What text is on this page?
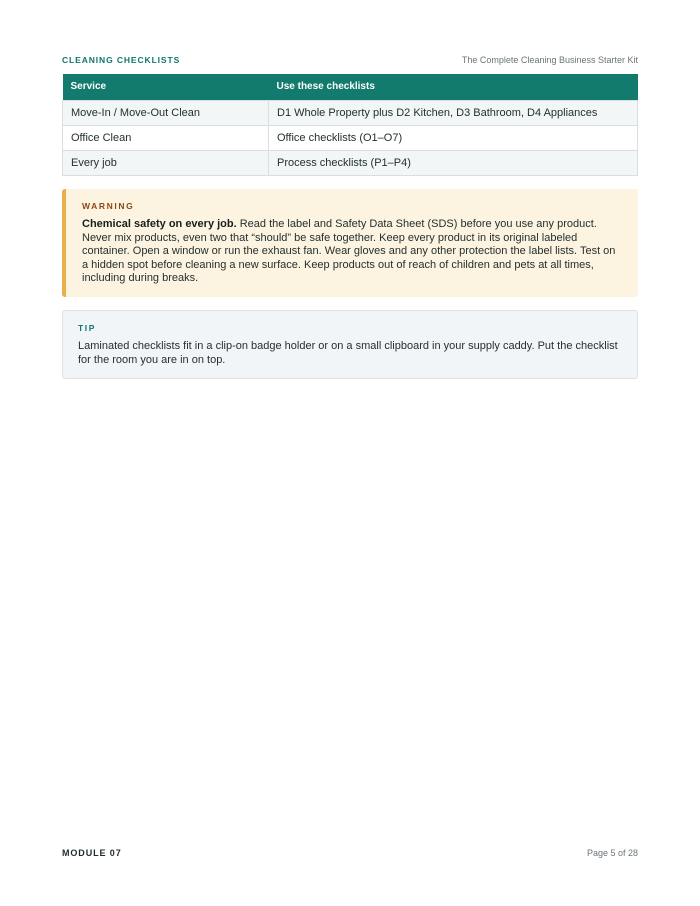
CLEANING CHECKLISTS	The Complete Cleaning Business Starter Kit
Service	Use these checklists
Move-In / Move-Out Clean	D1 Whole Property plus D2 Kitchen, D3 Bathroom, D4 Appliances
Office Clean	Office checklists (O1–O7)
Every job	Process checklists (P1–P4)
WARNING

Chemical safety on every job. Read the label and Safety Data Sheet (SDS) before you use any product. Never mix products, even two that “should” be safe together. Keep every product in its original labeled container. Open a window or run the exhaust fan. Wear gloves and any other protection the label lists. Test on a hidden spot before cleaning a new surface. Keep products out of reach of children and pets at all times, including during breaks.

TIP

Laminated checklists fit in a clip-on badge holder or on a small clipboard in your supply caddy. Put the checklist for the room you are in on top.

MODULE 07	Page 5 of 28
